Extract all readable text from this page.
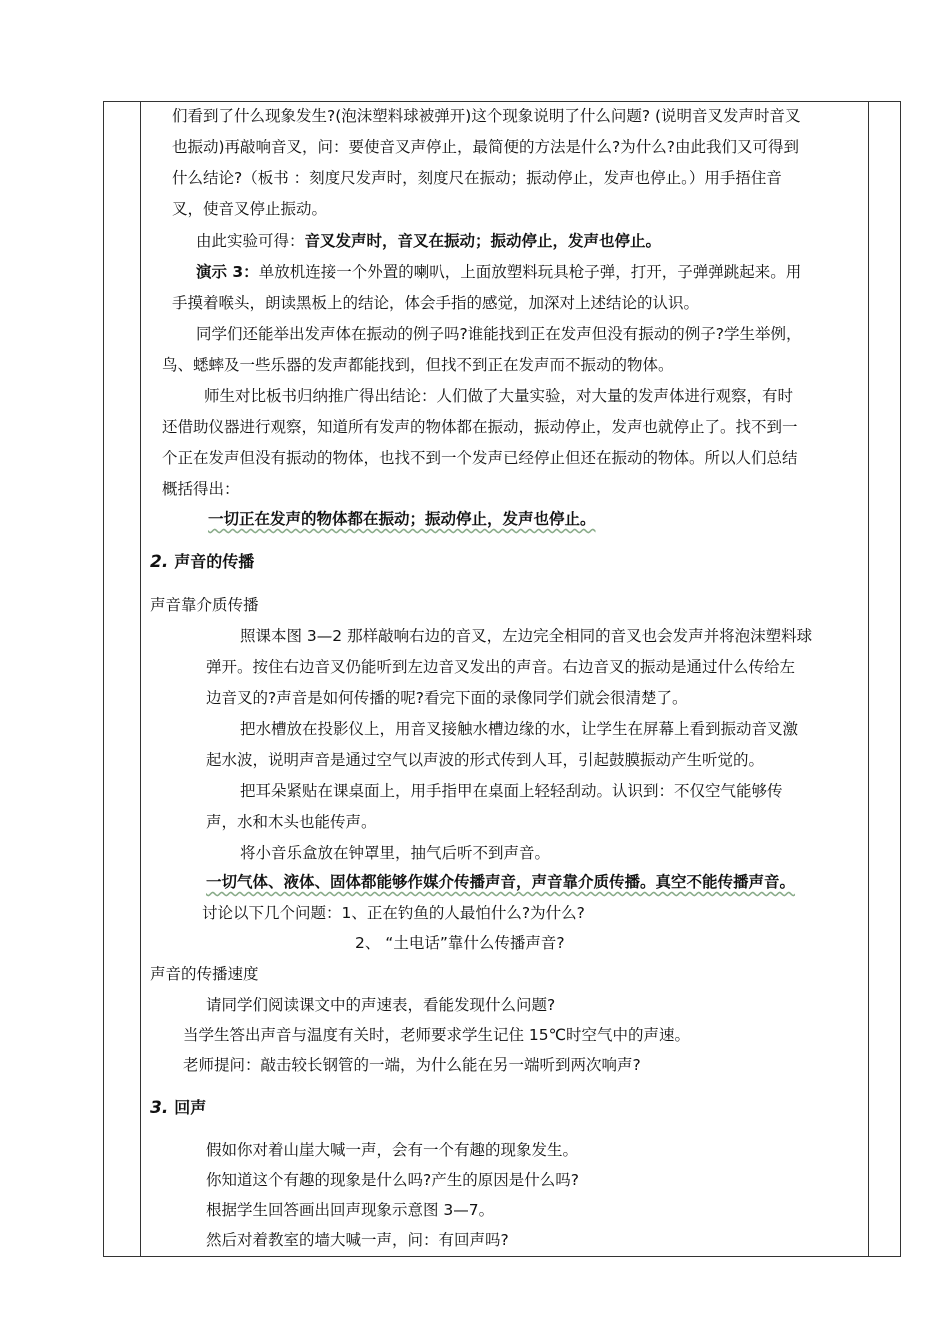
们看到了什么现象发生?(泡沫塑料球被弹开)这个现象说明了什么问题? (说明音叉发声时音叉
也振动)再敲响音叉，问：要使音叉声停止，最简便的方法是什么?为什么?由此我们又可得到
什么结论?（板书 ：刻度尺发声时，刻度尺在振动；振动停止，发声也停止。）用手捂住音
叉，使音叉停止振动。
由此实验可得：音叉发声时，音叉在振动；振动停止，发声也停止。
演示 3：单放机连接一个外置的喇叭，上面放塑料玩具枪子弹，打开，子弹弹跳起来。用
手摸着喉头，朗读黑板上的结论，体会手指的感觉，加深对上述结论的认识。
同学们还能举出发声体在振动的例子吗?谁能找到正在发声但没有振动的例子?学生举例，
鸟、蟋蟀及一些乐器的发声都能找到，但找不到正在发声而不振动的物体。
师生对比板书归纳推广得出结论：人们做了大量实验，对大量的发声体进行观察，有时
还借助仪器进行观察，知道所有发声的物体都在振动，振动停止，发声也就停止了。找不到一
个正在发声但没有振动的物体，也找不到一个发声已经停止但还在振动的物体。所以人们总结
概括得出：
一切正在发声的物体都在振动；振动停止，发声也停止。
2. 声音的传播
声音靠介质传播
照课本图 3—2 那样敲响右边的音叉，左边完全相同的音叉也会发声并将泡沫塑料球
弹开。按住右边音叉仍能听到左边音叉发出的声音。右边音叉的振动是通过什么传给左
边音叉的?声音是如何传播的呢?看完下面的录像同学们就会很清楚了。
把水槽放在投影仪上，用音叉接触水槽边缘的水，让学生在屏幕上看到振动音叉激
起水波，说明声音是通过空气以声波的形式传到人耳，引起鼓膜振动产生听觉的。
把耳朵紧贴在课桌面上，用手指甲在桌面上轻轻刮动。认识到：不仅空气能够传
声，水和木头也能传声。
将小音乐盒放在钟罩里，抽气后听不到声音。
一切气体、液体、固体都能够作媒介传播声音，声音靠介质传播。真空不能传播声音。
讨论以下几个问题：1、正在钓鱼的人最怕什么?为什么?
2、 “土电话”靠什么传播声音?
声音的传播速度
请同学们阅读课文中的声速表，看能发现什么问题?
当学生答出声音与温度有关时，老师要求学生记住 15℃时空气中的声速。
老师提问：敲击较长钢管的一端，为什么能在另一端听到两次响声?
3. 回声
假如你对着山崖大喊一声，会有一个有趣的现象发生。
你知道这个有趣的现象是什么吗?产生的原因是什么吗?
根据学生回答画出回声现象示意图 3—7。
然后对着教室的墙大喊一声，问：有回声吗?
